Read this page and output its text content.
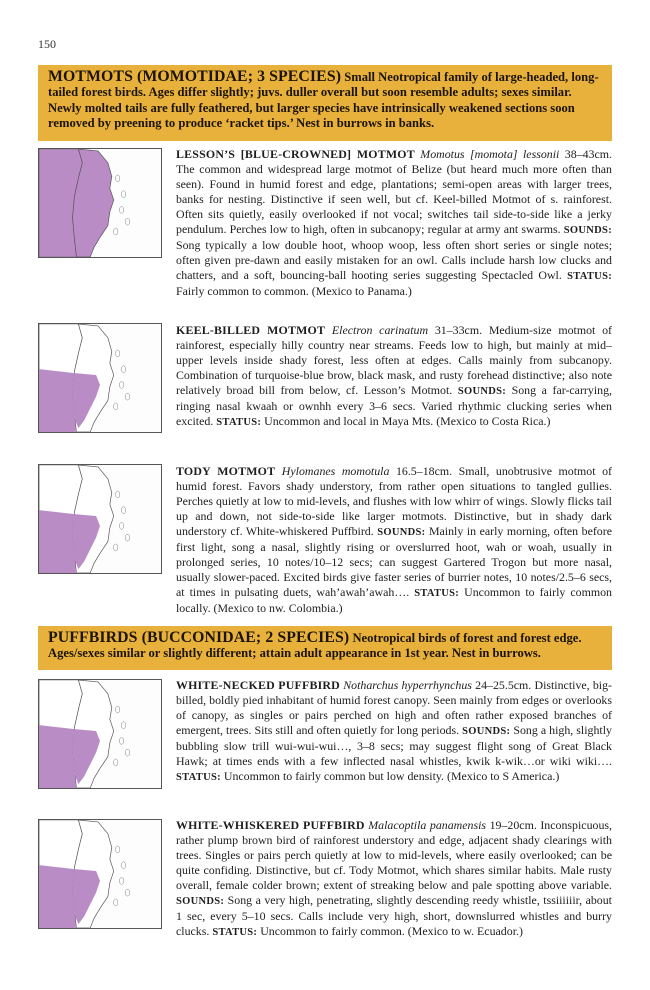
150
MOTMOTS (MOMOTIDAE; 3 SPECIES) Small Neotropical family of large-headed, long-tailed forest birds. Ages differ slightly; juvs. duller overall but soon resemble adults; sexes similar. Newly molted tails are fully feathered, but larger species have intrinsically weakened sections soon removed by preening to produce ‘racket tips.’ Nest in burrows in banks.

LESSON’S [BLUE-CROWNED] MOTMOT Momotus [momota] lessonii 38–43cm. The common and widespread large motmot of Belize (but heard much more often than seen). Found in humid forest and edge, plantations; semi-open areas with larger trees, banks for nesting. Distinctive if seen well, but cf. Keel-billed Motmot of s. rainforest. Often sits quietly, easily overlooked if not vocal; switches tail side-to-side like a jerky pendulum. Perches low to high, often in subcanopy; regular at army ant swarms. SOUNDS: Song typically a low double hoot, whoop woop, less often short series or single notes; often given pre-dawn and easily mistaken for an owl. Calls include harsh low clucks and chatters, and a soft, bouncing-ball hooting series suggesting Spectacled Owl. STATUS: Fairly common to common. (Mexico to Panama.)

KEEL-BILLED MOTMOT Electron carinatum 31–33cm. Medium-size motmot of rainforest, especially hilly country near streams. Feeds low to high, but mainly at mid–upper levels inside shady forest, less often at edges. Calls mainly from subcanopy. Combination of turquoise-blue brow, black mask, and rusty forehead distinctive; also note relatively broad bill from below, cf. Lesson’s Motmot. SOUNDS: Song a far-carrying, ringing nasal kwaah or ownhh every 3–6 secs. Varied rhythmic clucking series when excited. STATUS: Uncommon and local in Maya Mts. (Mexico to Costa Rica.)

TODY MOTMOT Hylomanes momotula 16.5–18cm. Small, unobtrusive motmot of humid forest. Favors shady understory, from rather open situations to tangled gullies. Perches quietly at low to mid-levels, and flushes with low whirr of wings. Slowly flicks tail up and down, not side-to-side like larger motmots. Distinctive, but in shady dark understory cf. White-whiskered Puffbird. SOUNDS: Mainly in early morning, often before first light, song a nasal, slightly rising or overslurred hoot, wah or woah, usually in prolonged series, 10 notes/10–12 secs; can suggest Gartered Trogon but more nasal, usually slower-paced. Excited birds give faster series of burrier notes, 10 notes/2.5–6 secs, at times in pulsating duets, wah’awah’awah…. STATUS: Uncommon to fairly common locally. (Mexico to nw. Colombia.)

PUFFBIRDS (BUCCONIDAE; 2 SPECIES) Neotropical birds of forest and forest edge. Ages/sexes similar or slightly different; attain adult appearance in 1st year. Nest in burrows.

WHITE-NECKED PUFFBIRD Notharchus hyperrhynchus 24–25.5cm. Distinctive, big-billed, boldly pied inhabitant of humid forest canopy. Seen mainly from edges or overlooks of canopy, as singles or pairs perched on high and often rather exposed branches of emergent, trees. Sits still and often quietly for long periods. SOUNDS: Song a high, slightly bubbling slow trill wui-wui-wui…, 3–8 secs; may suggest flight song of Great Black Hawk; at times ends with a few inflected nasal whistles, kwik k-wik…or wiki wiki…. STATUS: Uncommon to fairly common but low density. (Mexico to S America.)

WHITE-WHISKERED PUFFBIRD Malacoptila panamensis 19–20cm. Inconspicuous, rather plump brown bird of rainforest understory and edge, adjacent shady clearings with trees. Singles or pairs perch quietly at low to mid-levels, where easily overlooked; can be quite confiding. Distinctive, but cf. Tody Motmot, which shares similar habits. Male rusty overall, female colder brown; extent of streaking below and pale spotting above variable. SOUNDS: Song a very high, penetrating, slightly descending reedy whistle, tssiiiiiir, about 1 sec, every 5–10 secs. Calls include very high, short, downslurred whistles and burry clucks. STATUS: Uncommon to fairly common. (Mexico to w. Ecuador.)
